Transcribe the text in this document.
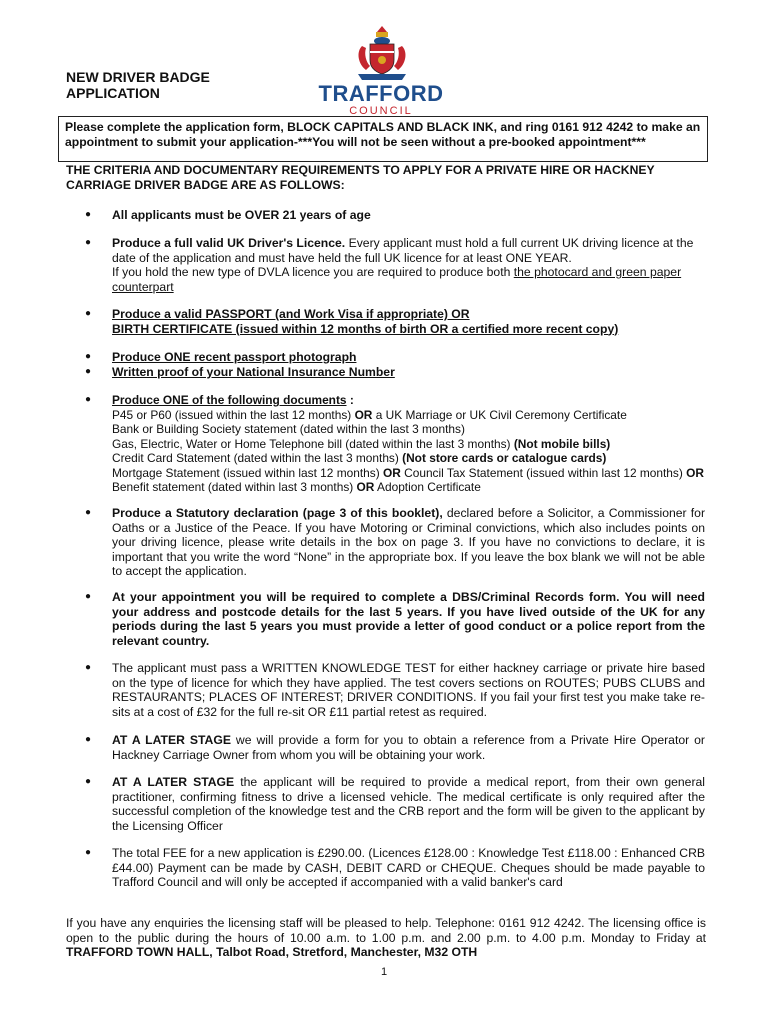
NEW DRIVER BADGE
APPLICATION	TRAFFORD
COUNCIL
Please complete the application form, BLOCK CAPITALS AND BLACK INK, and ring 0161 912 4242 to make an appointment to submit your application-***You will not be seen without a pre-booked appointment***
THE CRITERIA AND DOCUMENTARY REQUIREMENTS TO APPLY FOR A PRIVATE HIRE OR HACKNEY CARRIAGE DRIVER BADGE ARE AS FOLLOWS:
●	All applicants must be OVER 21 years of age
●	Produce a full valid UK Driver's Licence. Every applicant must hold a full current UK driving licence at the date of the application and must have held the full UK licence for at least ONE YEAR.
If you hold the new type of DVLA licence you are required to produce both the photocard and green paper counterpart
●	Produce a valid PASSPORT (and Work Visa if appropriate) OR
BIRTH CERTIFICATE (issued within 12 months of birth OR a certified more recent copy)
●	Produce ONE recent passport photograph
●	Written proof of your National Insurance Number
●	Produce ONE of the following documents :
P45 or P60 (issued within the last 12 months) OR a UK Marriage or UK Civil Ceremony Certificate
Bank or Building Society statement (dated within the last 3 months)
Gas, Electric, Water or Home Telephone bill (dated within the last 3 months) (Not mobile bills)
Credit Card Statement (dated within the last 3 months) (Not store cards or catalogue cards)
Mortgage Statement (issued within last 12 months) OR Council Tax Statement (issued within last 12 months) OR Benefit statement (dated within last 3 months) OR Adoption Certificate
●	Produce a Statutory declaration (page 3 of this booklet), declared before a Solicitor, a Commissioner for Oaths or a Justice of the Peace. If you have Motoring or Criminal convictions, which also includes points on your driving licence, please write details in the box on page 3. If you have no convictions to declare, it is important that you write the word “None” in the appropriate box. If you leave the box blank we will not be able to accept the application.
●	At your appointment you will be required to complete a DBS/Criminal Records form. You will need your address and postcode details for the last 5 years. If you have lived outside of the UK for any periods during the last 5 years you must provide a letter of good conduct or a police report from the relevant country.
●	The applicant must pass a WRITTEN KNOWLEDGE TEST for either hackney carriage or private hire based on the type of licence for which they have applied. The test covers sections on ROUTES; PUBS CLUBS and RESTAURANTS; PLACES OF INTEREST; DRIVER CONDITIONS. If you fail your first test you make take re-sits at a cost of £32 for the full re-sit OR £11 partial retest as required.
●	AT A LATER STAGE we will provide a form for you to obtain a reference from a Private Hire Operator or Hackney Carriage Owner from whom you will be obtaining your work.
●	AT A LATER STAGE the applicant will be required to provide a medical report, from their own general practitioner, confirming fitness to drive a licensed vehicle. The medical certificate is only required after the successful completion of the knowledge test and the CRB report and the form will be given to the applicant by the Licensing Officer
●	The total FEE for a new application is £290.00. (Licences £128.00 : Knowledge Test £118.00 : Enhanced CRB £44.00) Payment can be made by CASH, DEBIT CARD or CHEQUE. Cheques should be made payable to Trafford Council and will only be accepted if accompanied with a valid banker's card
If you have any enquiries the licensing staff will be pleased to help. Telephone: 0161 912 4242. The licensing office is open to the public during the hours of 10.00 a.m. to 1.00 p.m. and 2.00 p.m. to 4.00 p.m. Monday to Friday at TRAFFORD TOWN HALL, Talbot Road, Stretford, Manchester, M32 OTH
1
